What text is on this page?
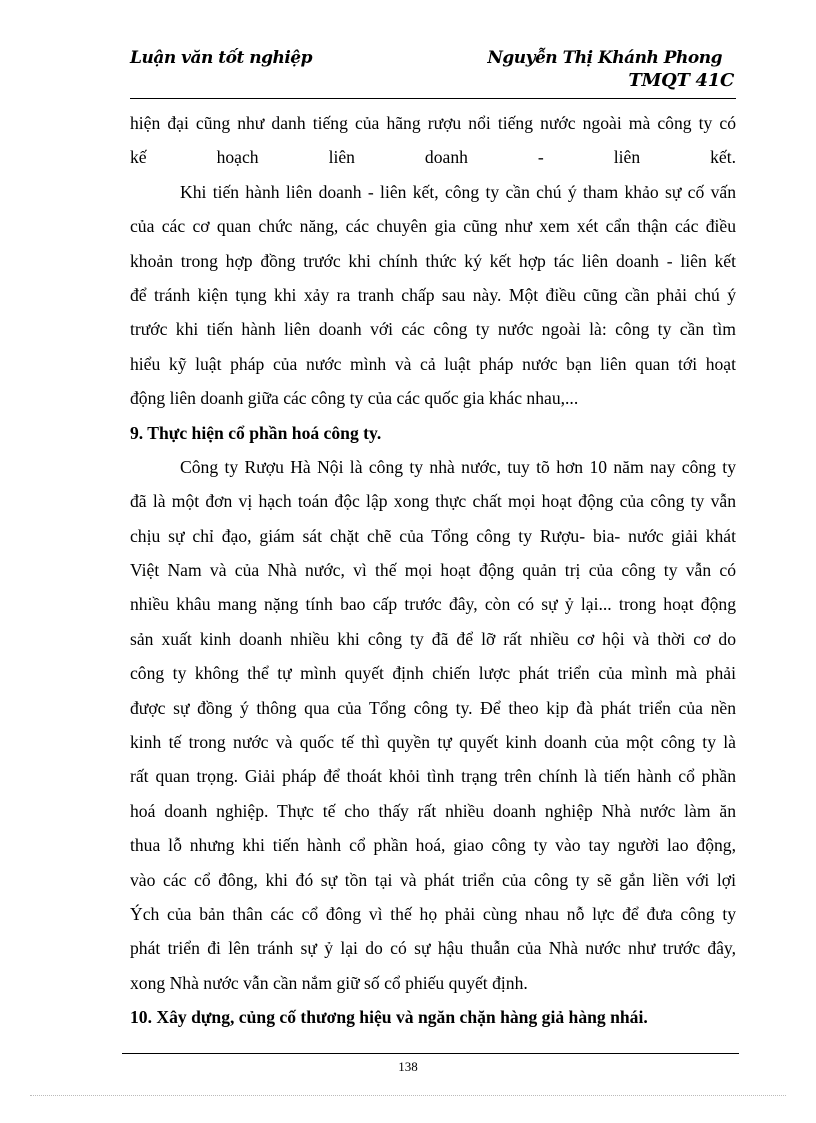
Luận văn tốt nghiệp	Nguyễn Thị Khánh Phong
TMQT 41C
hiện đại cũng như danh tiếng của hãng rượu nổi tiếng nước ngoài mà công ty có
kế hoạch liên doanh - liên kết.
Khi tiến hành liên doanh - liên kết, công ty cần chú ý tham khảo sự cố vấn
của các cơ quan chức năng, các chuyên gia cũng như xem xét cẩn thận các điều
khoản trong hợp đồng trước khi chính thức ký kết hợp tác liên doanh - liên kết
để tránh kiện tụng khi xảy ra tranh chấp sau này. Một điều cũng cần phải chú ý
trước khi tiến hành liên doanh với các công ty nước ngoài là: công ty cần tìm
hiểu kỹ luật pháp của nước mình và cả luật pháp nước bạn liên quan tới hoạt
động liên doanh giữa các công ty của các quốc gia khác nhau,...
9. Thực hiện cổ phần hoá công ty.
Công ty Rượu Hà Nội là công ty nhà nước, tuy tõ hơn 10 năm nay công ty
đã là một đơn vị hạch toán độc lập xong thực chất mọi hoạt động của công ty vẫn
chịu sự chỉ đạo, giám sát chặt chẽ của Tổng công ty Rượu- bia- nước giải khát
Việt Nam và của Nhà nước, vì thế mọi hoạt động quản trị của công ty vẫn có
nhiều khâu mang nặng tính bao cấp trước đây, còn có sự ỷ lại... trong hoạt động
sản xuất kinh doanh nhiều khi công ty đã để lỡ rất nhiều cơ hội và thời cơ do
công ty không thể tự mình quyết định chiến lược phát triển của mình mà phải
được sự đồng ý thông qua của Tổng công ty. Để theo kịp đà phát triển của nền
kinh tế trong nước và quốc tế thì quyền tự quyết kinh doanh của một công ty là
rất quan trọng. Giải pháp để thoát khỏi tình trạng trên chính là tiến hành cổ phần
hoá doanh nghiệp. Thực tế cho thấy rất nhiều doanh nghiệp Nhà nước làm ăn
thua lỗ nhưng khi tiến hành cổ phần hoá, giao công ty vào tay người lao động,
vào các cổ đông, khi đó sự tồn tại và phát triển của công ty sẽ gắn liền với lợi
Ých của bản thân các cổ đông vì thế họ phải cùng nhau nỗ lực để đưa công ty
phát triển đi lên tránh sự ỷ lại do có sự hậu thuẫn của Nhà nước như trước đây,
xong Nhà nước vẫn cần nắm giữ số cổ phiếu quyết định.
10. Xây dựng, củng cố thương hiệu và ngăn chặn hàng giả hàng nhái.
138
